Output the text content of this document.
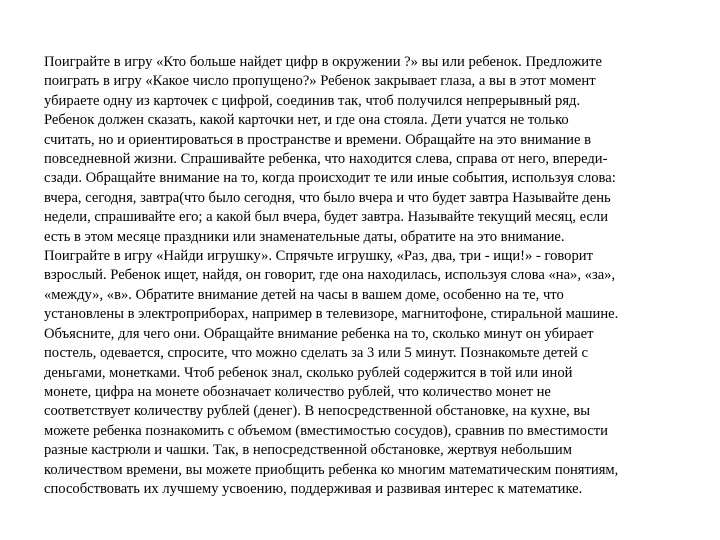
Поиграйте в игру «Кто больше найдет цифр в окружении ?» вы или ребенок. Предложите
поиграть в игру «Какое число пропущено?» Ребенок закрывает глаза, а вы в этот момент
убираете одну из карточек с цифрой, соединив так, чтоб получился непрерывный ряд.
Ребенок должен сказать, какой карточки нет, и где она стояла. Дети учатся не только
считать, но и ориентироваться в пространстве и времени. Обращайте на это внимание в
повседневной жизни. Спрашивайте ребенка, что находится слева, справа от него, впереди-
сзади. Обращайте внимание на то, когда происходит те или иные события, используя слова:
вчера, сегодня, завтра(что было сегодня, что было вчера и что будет завтра Называйте день
недели, спрашивайте его; а какой был вчера, будет завтра. Называйте текущий месяц, если
есть в этом месяце праздники или знаменательные даты, обратите на это внимание.
Поиграйте в игру «Найди игрушку». Спрячьте игрушку, «Раз, два, три - ищи!» - говорит
взрослый. Ребенок ищет, найдя, он говорит, где она находилась, используя слова «на», «за»,
«между», «в». Обратите внимание детей на часы в вашем доме, особенно на те, что
установлены в электроприборах, например в телевизоре, магнитофоне, стиральной машине.
Объясните, для чего они. Обращайте внимание ребенка на то, сколько минут он убирает
постель, одевается, спросите, что можно сделать за 3 или 5 минут. Познакомьте детей с
деньгами, монетками. Чтоб ребенок знал, сколько рублей содержится в той или иной
монете, цифра на монете обозначает количество рублей, что количество монет не
соответствует количеству рублей (денег). В непосредственной обстановке, на кухне, вы
можете ребенка познакомить с объемом (вместимостью сосудов), сравнив по вместимости
разные кастрюли и чашки. Так, в непосредственной обстановке, жертвуя небольшим
количеством времени, вы можете приобщить ребенка ко многим математическим понятиям,
способствовать их лучшему усвоению, поддерживая и развивая интерес к математике.
